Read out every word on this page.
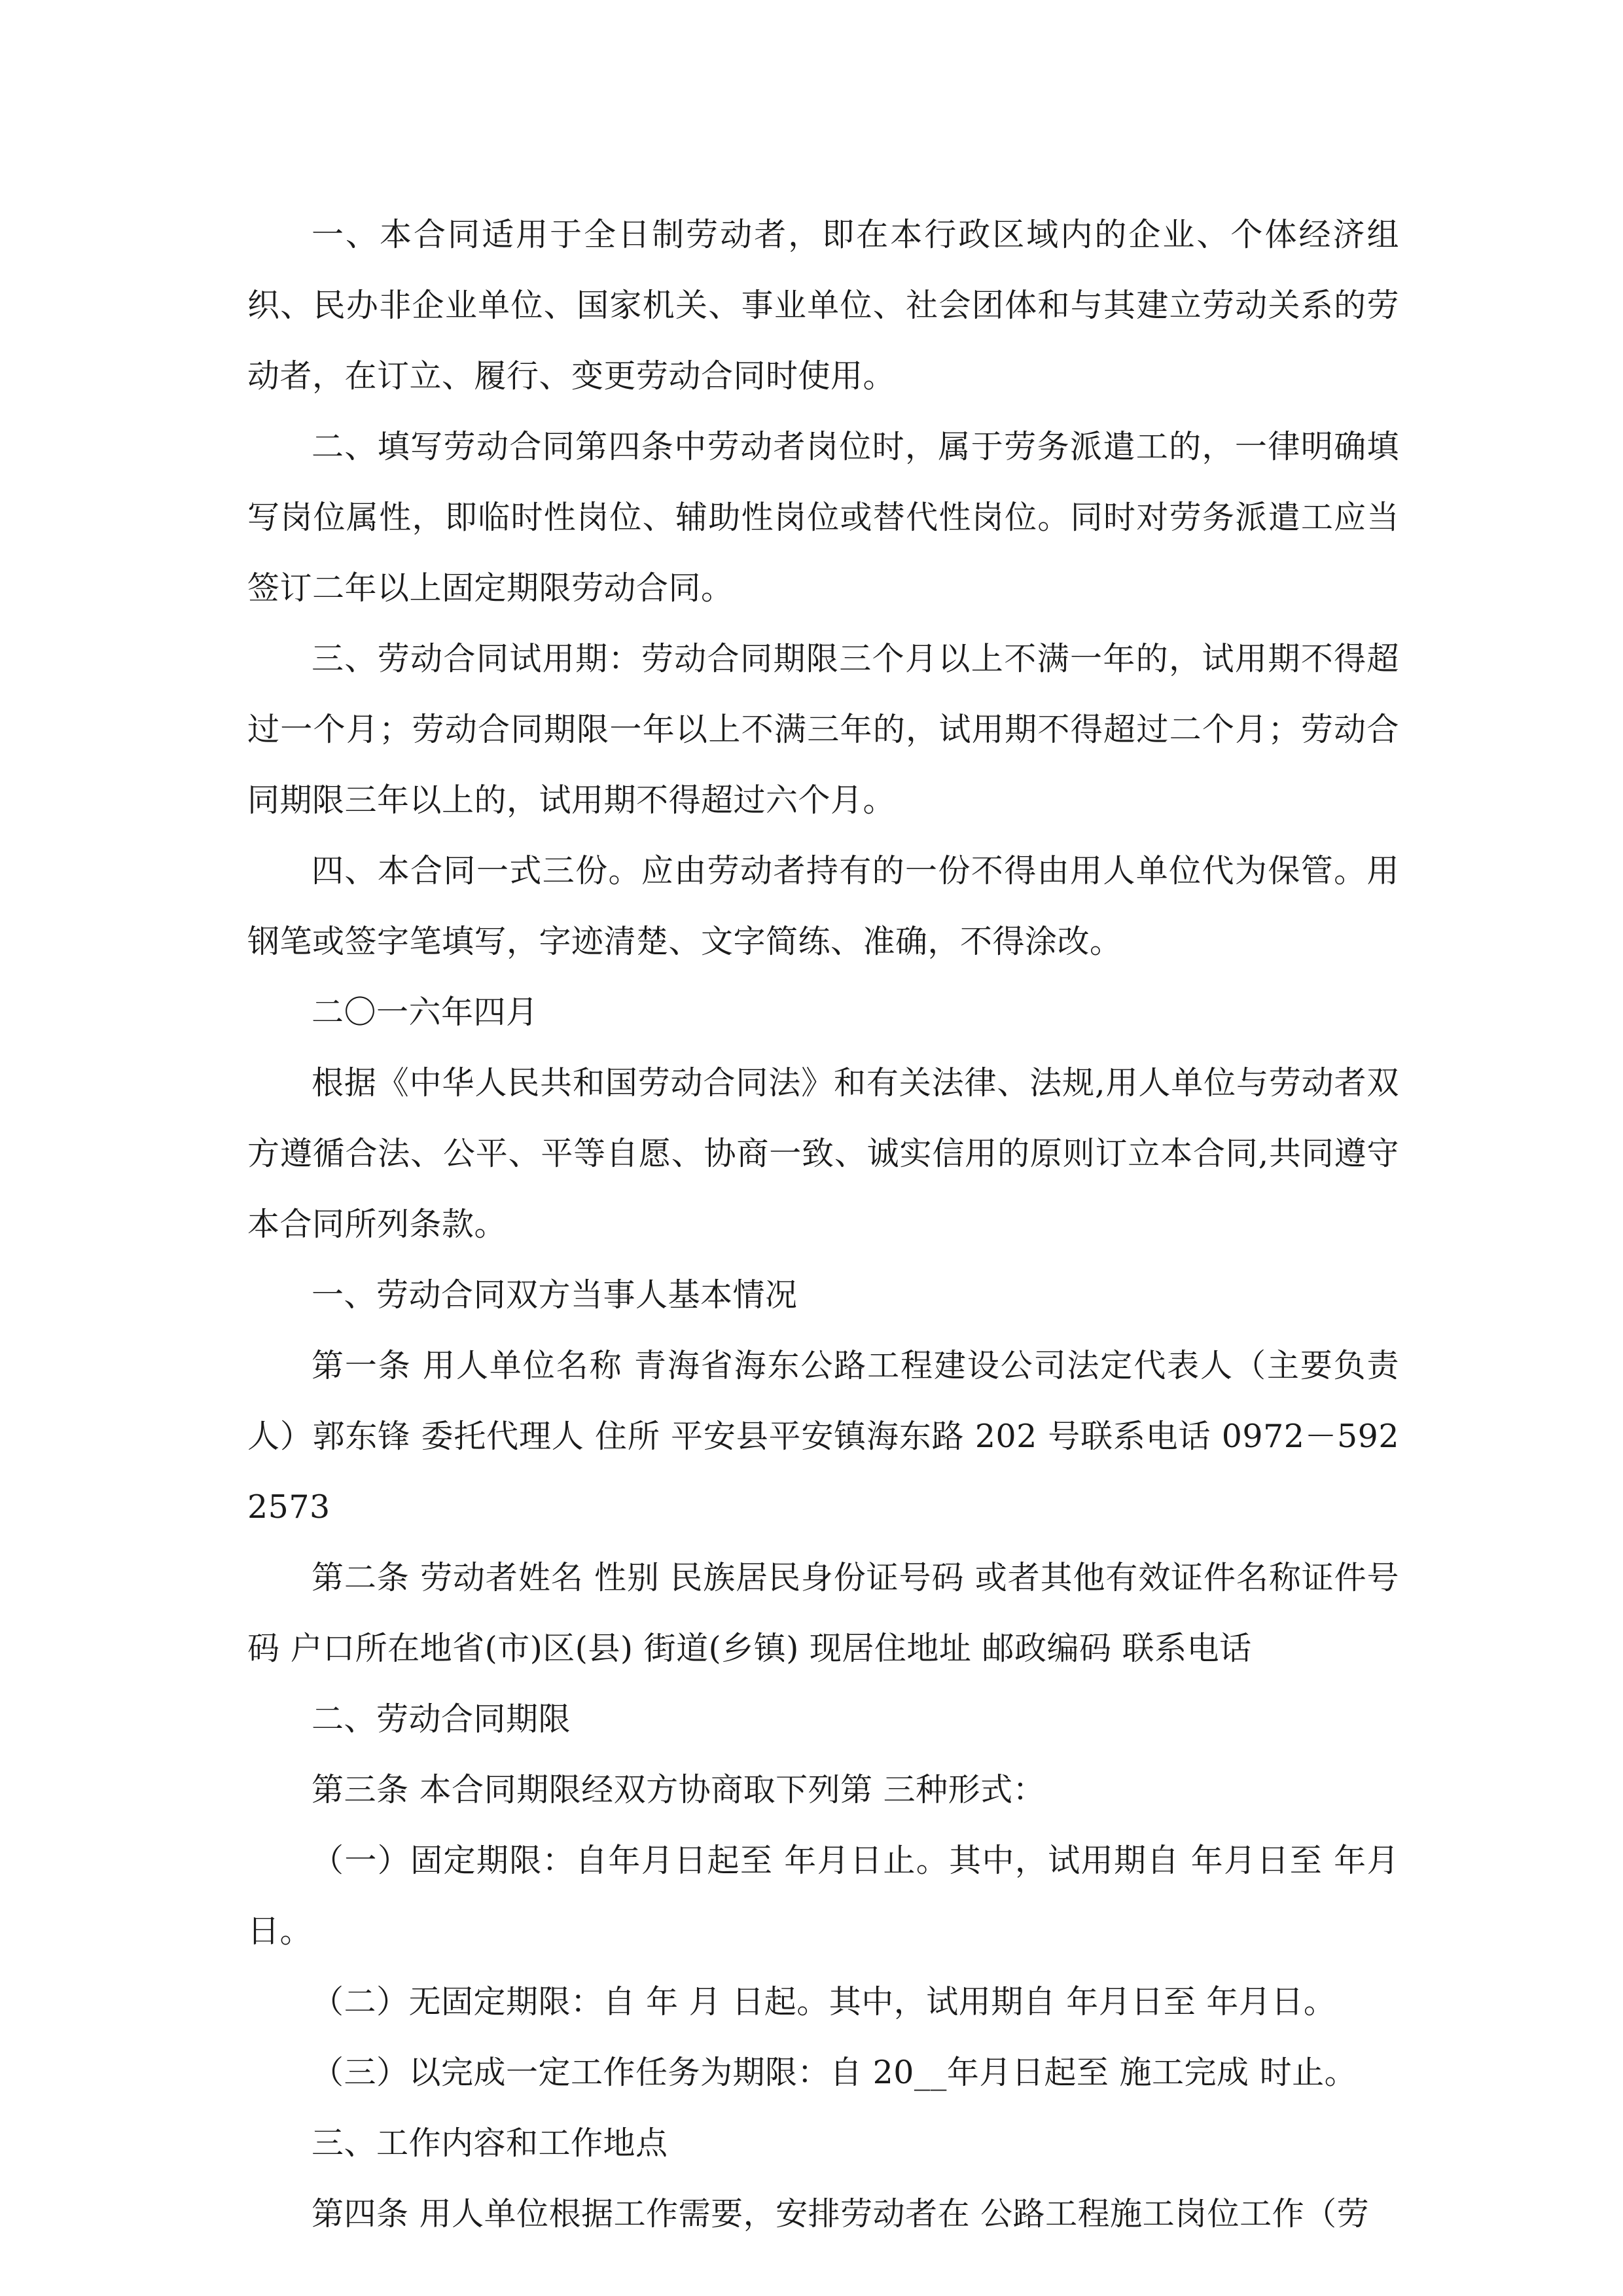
一、本合同适用于全日制劳动者，即在本行政区域内的企业、个体经济组织、民办非企业单位、国家机关、事业单位、社会团体和与其建立劳动关系的劳动者，在订立、履行、变更劳动合同时使用。

二、填写劳动合同第四条中劳动者岗位时，属于劳务派遣工的，一律明确填写岗位属性，即临时性岗位、辅助性岗位或替代性岗位。同时对劳务派遣工应当签订二年以上固定期限劳动合同。

三、劳动合同试用期：劳动合同期限三个月以上不满一年的，试用期不得超过一个月；劳动合同期限一年以上不满三年的，试用期不得超过二个月；劳动合同期限三年以上的，试用期不得超过六个月。

四、本合同一式三份。应由劳动者持有的一份不得由用人单位代为保管。用钢笔或签字笔填写，字迹清楚、文字简练、准确，不得涂改。

二〇一六年四月

根据《中华人民共和国劳动合同法》和有关法律、法规,用人单位与劳动者双方遵循合法、公平、平等自愿、协商一致、诚实信用的原则订立本合同,共同遵守本合同所列条款。

一、劳动合同双方当事人基本情况

第一条 用人单位名称 青海省海东公路工程建设公司法定代表人（主要负责人）郭东锋 委托代理人 住所 平安县平安镇海东路 202 号联系电话 0972－5922573

第二条 劳动者姓名 性别 民族居民身份证号码 或者其他有效证件名称证件号码 户口所在地省(市)区(县) 街道(乡镇) 现居住地址 邮政编码 联系电话

二、劳动合同期限

第三条 本合同期限经双方协商取下列第 三种形式：

（一）固定期限：自年月日起至 年月日止。其中，试用期自 年月日至 年月日。

（二）无固定期限：自 年 月 日起。其中，试用期自 年月日至 年月日。

（三）以完成一定工作任务为期限：自 20__年月日起至 施工完成 时止。

三、工作内容和工作地点

第四条 用人单位根据工作需要，安排劳动者在 公路工程施工岗位工作（劳
